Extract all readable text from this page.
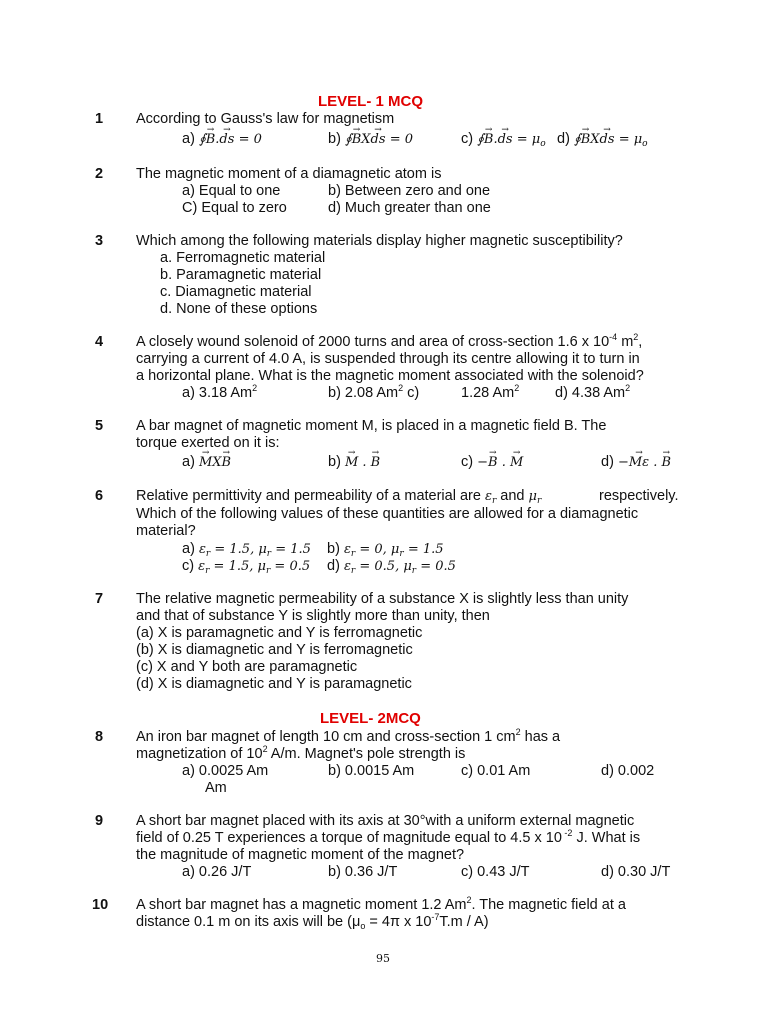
LEVEL- 1 MCQ
1 According to Gauss's law for magnetism
a) ∮→ B.→ ds = 0	b) ∮→ BX→ ds = 0	c) ∮→ B.→ ds = $\mu_o$ d) ∮→ BX→ ds = $\mu_o$
2 The magnetic moment of a diamagnetic atom is
a) Equal to one	b) Between zero and one
C) Equal to zero	d) Much greater than one
3 Which among the following materials display higher magnetic susceptibility?
a. Ferromagnetic material
b. Paramagnetic material
c. Diamagnetic material
d. None of these options
4 A closely wound solenoid of 2000 turns and area of cross-section 1.6 x $10^{-4}$ $m^2$,
carrying a current of 4.0 A, is suspended through its centre allowing it to turn in
a horizontal plane. What is the magnetic moment associated with the solenoid?
a) 3.18 Am$^2$	b) 2.08 Am$^2$ c)	1.28 Am$^2$ d) 4.38 Am$^2$
5 A bar magnet of magnetic moment M, is placed in a magnetic field B. The
torque exerted on it is:
a) → MX→ B	b) → M . → B	c) −→ B . → M	d) −→ Mε . → B
6 Relative permittivity and permeability of a material are $\varepsilon_r$ and $\mu_r$	respectively.
Which of the following values of these quantities are allowed for a diamagnetic
material?
a) $\varepsilon_r = 1.5$, $\mu_r = 1.5$ b) $\varepsilon_r = 0$, $\mu_r = 1.5$
c) $\varepsilon_r = 1.5$, $\mu_r = 0.5$ d) $\varepsilon_r = 0.5$, $\mu_r = 0.5$
7 The relative magnetic permeability of a substance X is slightly less than unity
and that of substance Y is slightly more than unity, then
(a) X is paramagnetic and Y is ferromagnetic
(b) X is diamagnetic and Y is ferromagnetic
(c) X and Y both are paramagnetic
(d) X is diamagnetic and Y is paramagnetic
LEVEL- 2MCQ
8 An iron bar magnet of length 10 cm and cross-section 1 $cm^2$ has a
magnetization of $10^2$ A/m. Magnet's pole strength is
a) 0.0025 Am	b) 0.0015 Am	c) 0.01 Am	d) 0.002
Am
9 A short bar magnet placed with its axis at 30°with a uniform external magnetic
field of 0.25 T experiences a torque of magnitude equal to 4.5 x 10 $^{-2}$ J. What is
the magnitude of magnetic moment of the magnet?
a) 0.26 J/T	b) 0.36 J/T	c) 0.43 J/T	d) 0.30 J/T
10 A short bar magnet has a magnetic moment 1.2 Am$^2$. The magnetic field at a
distance 0.1 m on its axis will be ($\mu_o = 4\pi$ x $10^{-7}T.m / A$)
95
